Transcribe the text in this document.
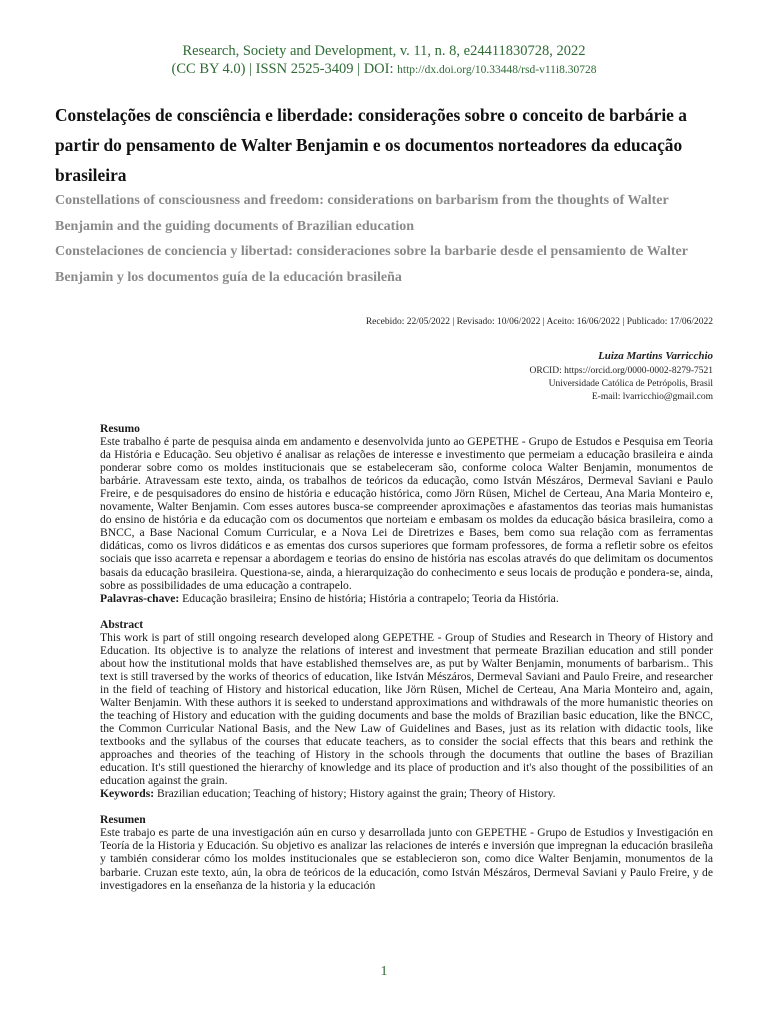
Research, Society and Development, v. 11, n. 8, e24411830728, 2022
(CC BY 4.0) | ISSN 2525-3409 | DOI: http://dx.doi.org/10.33448/rsd-v11i8.30728
Constelações de consciência e liberdade: considerações sobre o conceito de barbárie a partir do pensamento de Walter Benjamin e os documentos norteadores da educação brasileira
Constellations of consciousness and freedom: considerations on barbarism from the thoughts of Walter Benjamin and the guiding documents of Brazilian education
Constelaciones de conciencia y libertad: consideraciones sobre la barbarie desde el pensamiento de Walter Benjamin y los documentos guía de la educación brasileña
Recebido: 22/05/2022 | Revisado: 10/06/2022 | Aceito: 16/06/2022 | Publicado: 17/06/2022
Luiza Martins Varricchio
ORCID: https://orcid.org/0000-0002-8279-7521
Universidade Católica de Petrópolis, Brasil
E-mail: lvarricchio@gmail.com
Resumo

Este trabalho é parte de pesquisa ainda em andamento e desenvolvida junto ao GEPETHE - Grupo de Estudos e Pesquisa em Teoria da História e Educação. Seu objetivo é analisar as relações de interesse e investimento que permeiam a educação brasileira e ainda ponderar sobre como os moldes institucionais que se estabeleceram são, conforme coloca Walter Benjamin, monumentos de barbárie. Atravessam este texto, ainda, os trabalhos de teóricos da educação, como István Mészáros, Dermeval Saviani e Paulo Freire, e de pesquisadores do ensino de história e educação histórica, como Jörn Rüsen, Michel de Certeau, Ana Maria Monteiro e, novamente, Walter Benjamin. Com esses autores busca-se compreender aproximações e afastamentos das teorias mais humanistas do ensino de história e da educação com os documentos que norteiam e embasam os moldes da educação básica brasileira, como a BNCC, a Base Nacional Comum Curricular, e a Nova Lei de Diretrizes e Bases, bem como sua relação com as ferramentas didáticas, como os livros didáticos e as ementas dos cursos superiores que formam professores, de forma a refletir sobre os efeitos sociais que isso acarreta e repensar a abordagem e teorias do ensino de história nas escolas através do que delimitam os documentos basais da educação brasileira. Questiona-se, ainda, a hierarquização do conhecimento e seus locais de produção e pondera-se, ainda, sobre as possibilidades de uma educação a contrapelo.

Palavras-chave: Educação brasileira; Ensino de história; História a contrapelo; Teoria da História.

Abstract

This work is part of still ongoing research developed along GEPETHE - Group of Studies and Research in Theory of History and Education. Its objective is to analyze the relations of interest and investment that permeate Brazilian education and still ponder about how the institutional molds that have established themselves are, as put by Walter Benjamin, monuments of barbarism.. This text is still traversed by the works of theorics of education, like István Mészáros, Dermeval Saviani and Paulo Freire, and researcher in the field of teaching of History and historical education, like Jörn Rüsen, Michel de Certeau, Ana Maria Monteiro and, again, Walter Benjamin. With these authors it is seeked to understand approximations and withdrawals of the more humanistic theories on the teaching of History and education with the guiding documents and base the molds of Brazilian basic education, like the BNCC, the Common Curricular National Basis, and the New Law of Guidelines and Bases, just as its relation with didactic tools, like textbooks and the syllabus of the courses that educate teachers, as to consider the social effects that this bears and rethink the approaches and theories of the teaching of History in the schools through the documents that outline the bases of Brazilian education. It's still questioned the hierarchy of knowledge and its place of production and it's also thought of the possibilities of an education against the grain.

Keywords: Brazilian education; Teaching of history; History against the grain; Theory of History.

Resumen

Este trabajo es parte de una investigación aún en curso y desarrollada junto con GEPETHE - Grupo de Estudios y Investigación en Teoría de la Historia y Educación. Su objetivo es analizar las relaciones de interés e inversión que impregnan la educación brasileña y también considerar cómo los moldes institucionales que se establecieron son, como dice Walter Benjamin, monumentos de la barbarie. Cruzan este texto, aún, la obra de teóricos de la educación, como István Mészáros, Dermeval Saviani y Paulo Freire, y de investigadores en la enseñanza de la historia y la educación

1
